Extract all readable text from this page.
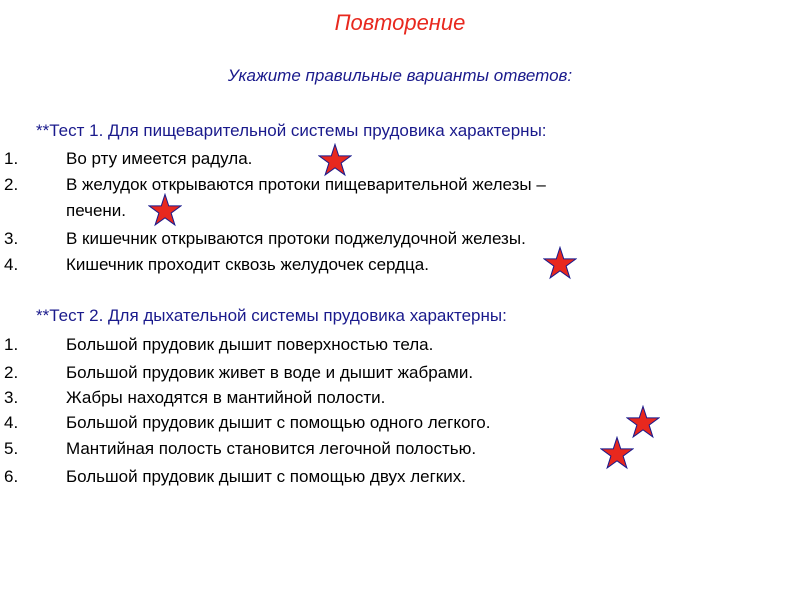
Повторение
Укажите правильные варианты ответов:
**Тест 1. Для пищеварительной системы прудовика характерны:
1.	Во рту имеется радула.
2.	В желудок открываются протоки пищеварительной железы –
печени.
3.	В кишечник открываются протоки поджелудочной железы.
4.	Кишечник проходит сквозь желудочек сердца.
**Тест 2. Для дыхательной системы прудовика характерны:
1.	Большой прудовик дышит поверхностью тела.
2.	Большой прудовик живет в воде и дышит жабрами.
3.	Жабры находятся в мантийной полости.
4.	Большой прудовик дышит с помощью одного легкого.
5.	Мантийная полость становится легочной полостью.
6.	Большой прудовик дышит с помощью двух легких.
